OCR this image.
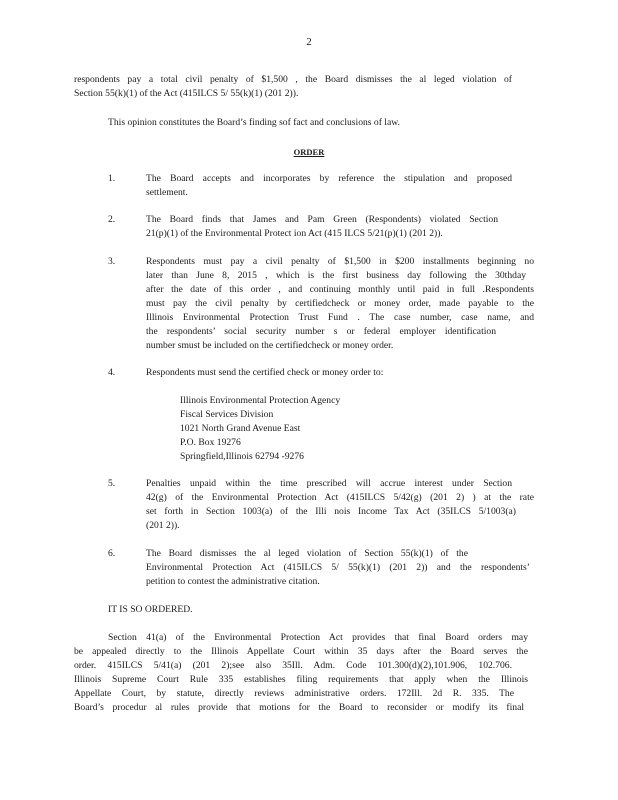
2
respondents pay a total civil penalty of $1,500 , the Board dismisses the al leged violation of
Section 55(k)(1) of the Act (415ILCS 5/ 55(k)(1) (201 2)).
This opinion constitutes the Board’s finding sof fact and conclusions of law.
ORDER
1.	The Board accepts and incorporates by reference the stipulation and proposed
settlement.
2.	The Board finds that James and Pam Green (Respondents) violated Section
21(p)(1) of the Environmental Protect ion Act (415 ILCS 5/21(p)(1) (201 2)).
3.	Respondents must pay a civil penalty of $1,500 in $200 installments beginning no
later than June 8, 2015 , which is the first business day following the 30thday
after the date of this order , and continuing monthly until paid in full .Respondents
must pay the civil penalty by certifiedcheck or money order, made payable to the
Illinois Environmental Protection Trust Fund . The case number, case name, and
the respondents’ social security number s or federal employer identification
number smust be included on the certifiedcheck or money order.
4.	Respondents must send the certified check or money order to:
Illinois Environmental Protection Agency
Fiscal Services Division
1021 North Grand Avenue East
P.O. Box 19276
Springfield,Illinois 62794 -9276
5.	Penalties unpaid within the time prescribed will accrue interest under Section
42(g) of the Environmental Protection Act (415ILCS 5/42(g) (201 2) ) at the rate
set forth in Section 1003(a) of the Illi nois Income Tax Act (35ILCS 5/1003(a)
(201 2)).
6.	The Board dismisses the al leged violation of Section 55(k)(1) of the
Environmental Protection Act (415ILCS 5/ 55(k)(1) (201 2)) and the respondents’
petition to contest the administrative citation.
IT IS SO ORDERED.
Section 41(a) of the Environmental Protection Act provides that final Board orders may
be appealed directly to the Illinois Appellate Court within 35 days after the Board serves the
order. 415ILCS 5/41(a) (201 2);see also 35Ill. Adm. Code 101.300(d)(2),101.906, 102.706.
Illinois Supreme Court Rule 335 establishes filing requirements that apply when the Illinois
Appellate Court, by statute, directly reviews administrative orders. 172Ill. 2d R. 335. The
Board’s procedur al rules provide that motions for the Board to reconsider or modify its final
